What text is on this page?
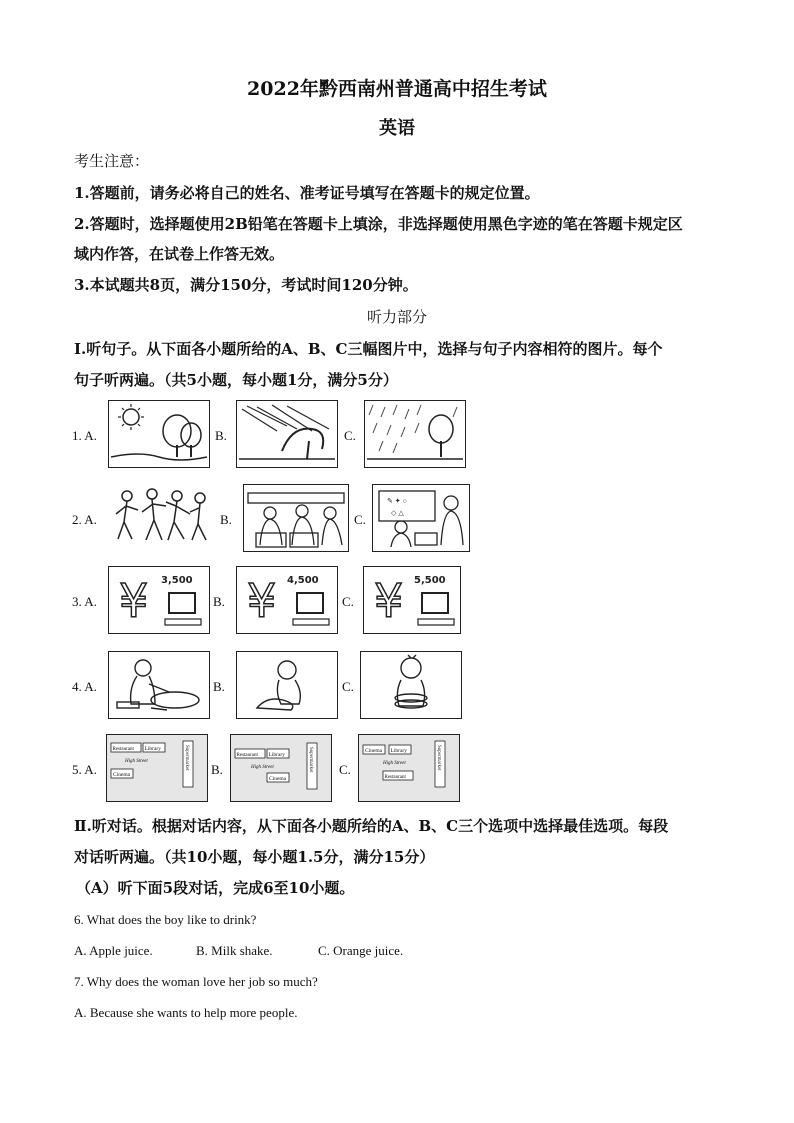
2022年黔西南州普通高中招生考试
英语
考生注意：
1.答题前，请务必将自己的姓名、准考证号填写在答题卡的规定位置。
2.答题时，选择题使用2B铅笔在答题卡上填涂，非选择题使用黑色字迹的笔在答题卡规定区
域内作答，在试卷上作答无效。
3.本试题共8页，满分150分，考试时间120分钟。
听力部分
Ⅰ.听句子。从下面各小题所给的A、B、C三幅图片中，选择与句子内容相符的图片。每个
句子听两遍。（共5小题，每小题1分，满分5分）
1. A.	B.	C.
2. A.	B.	C.
✎ ✦ ○
◇ △
3. A. ¥ 3,500
B. ¥ 4,500
C. ¥ 5,500
4. A.	B.	C.
5. A.
Restaurant Library
High Street
Cinema
Supermarket B.
Restaurant Library
High Street
Cinema
Supermarket C.
Cinema Library
High Street
Restaurant
Supermarket
Ⅱ.听对话。根据对话内容，从下面各小题所给的A、B、C三个选项中选择最佳选项。每段
对话听两遍。（共10小题，每小题1.5分，满分15分）
（A）听下面5段对话，完成6至10小题。
6. What does the boy like to drink?
A. Apple juice.	B. Milk shake.	C. Orange juice.
7. Why does the woman love her job so much?
A. Because she wants to help more people.
